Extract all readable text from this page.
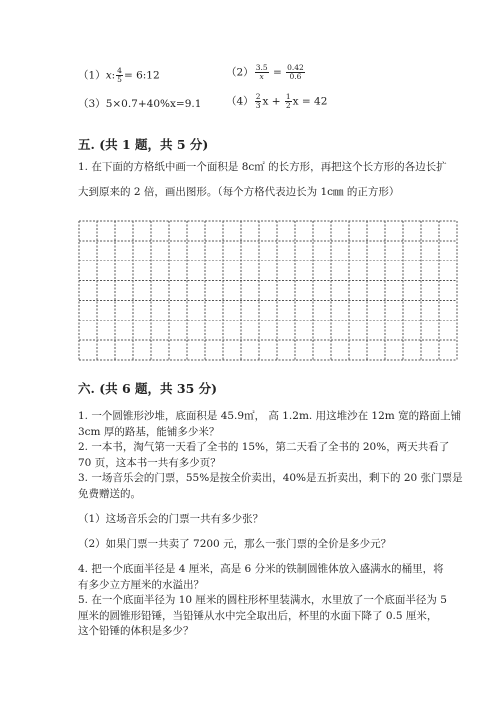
（1）x: $\frac{4}{5}$ = 6:12	$(2) \frac{3.5}{x} = \frac{0.42}{0.6}$
（3）5×0.7+40%x=9.1 $(4) \frac{2}{3}$ $x + \frac{1}{2}$ x = 42
五. (共 1 题，共 5 分)
1. 在下面的方格纸中画一个面积是 8c㎡ 的长方形，再把这个长方形的各边长扩
大到原来的 2 倍，画出图形。（每个方格代表边长为 1c㎜ 的正方形）
六. (共 6 题，共 35 分)
1. 一个圆锥形沙堆，底面积是 45.9㎡， 高 1.2m. 用这堆沙在 12m 宽的路面上铺
3cm 厚的路基，能铺多少米？
2. 一本书，淘气第一天看了全书的 15%，第二天看了全书的 20%，两天共看了
70 页，这本书一共有多少页？
3. 一场音乐会的门票，55%是按全价卖出，40%是五折卖出，剩下的 20 张门票是
免费赠送的。
（1）这场音乐会的门票一共有多少张？
（2）如果门票一共卖了 7200 元，那么一张门票的全价是多少元？
4. 把一个底面半径是 4 厘米，高是 6 分米的铁制圆锥体放入盛满水的桶里，将
有多少立方厘米的水溢出？
5. 在一个底面半径为 10 厘米的圆柱形杯里装满水，水里放了一个底面半径为 5
厘米的圆锥形铅锤，当铅锤从水中完全取出后，杯里的水面下降了 0.5 厘米，
这个铅锤的体积是多少？
